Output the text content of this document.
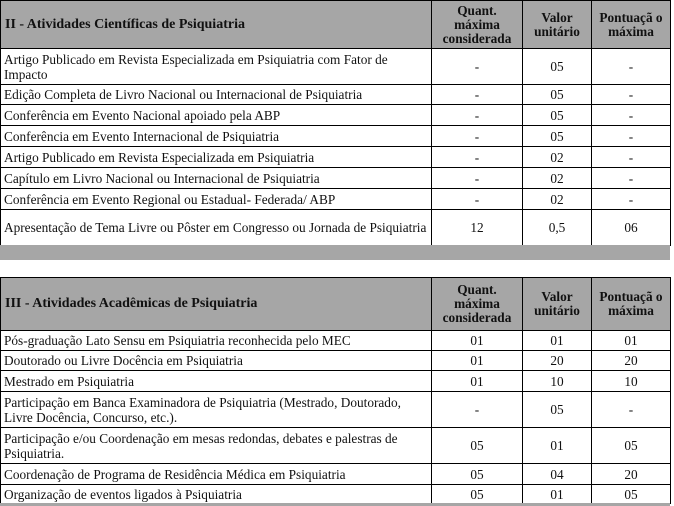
II - Atividades Científicas de Psiquiatria	Quant. máxima considerada	Valor unitário	Pontuaçã o máxima
Artigo Publicado em Revista Especializada em Psiquiatria com Fator de Impacto	-	05	-
Edição Completa de Livro Nacional ou Internacional de Psiquiatria	-	05	-
Conferência em Evento Nacional apoiado pela ABP	-	05	-
Conferência em Evento Internacional de Psiquiatria	-	05	-
Artigo Publicado em Revista Especializada em Psiquiatria	-	02	-
Capítulo em Livro Nacional ou Internacional de Psiquiatria	-	02	-
Conferência em Evento Regional ou Estadual- Federada/ ABP	-	02	-
Apresentação de Tema Livre ou Pôster em Congresso ou Jornada de Psiquiatria	12	0,5	06
III - Atividades Acadêmicas de Psiquiatria	Quant. máxima considerada	Valor unitário	Pontuaçã o máxima
Pós-graduação Lato Sensu em Psiquiatria reconhecida pelo MEC	01	01	01
Doutorado ou Livre Docência em Psiquiatria	01	20	20
Mestrado em Psiquiatria	01	10	10
Participação em Banca Examinadora de Psiquiatria (Mestrado, Doutorado, Livre Docência, Concurso, etc.).	-	05	-
Participação e/ou Coordenação em mesas redondas, debates e palestras de Psiquiatria.	05	01	05
Coordenação de Programa de Residência Médica em Psiquiatria	05	04	20
Organização de eventos ligados à Psiquiatria	05	01	05
